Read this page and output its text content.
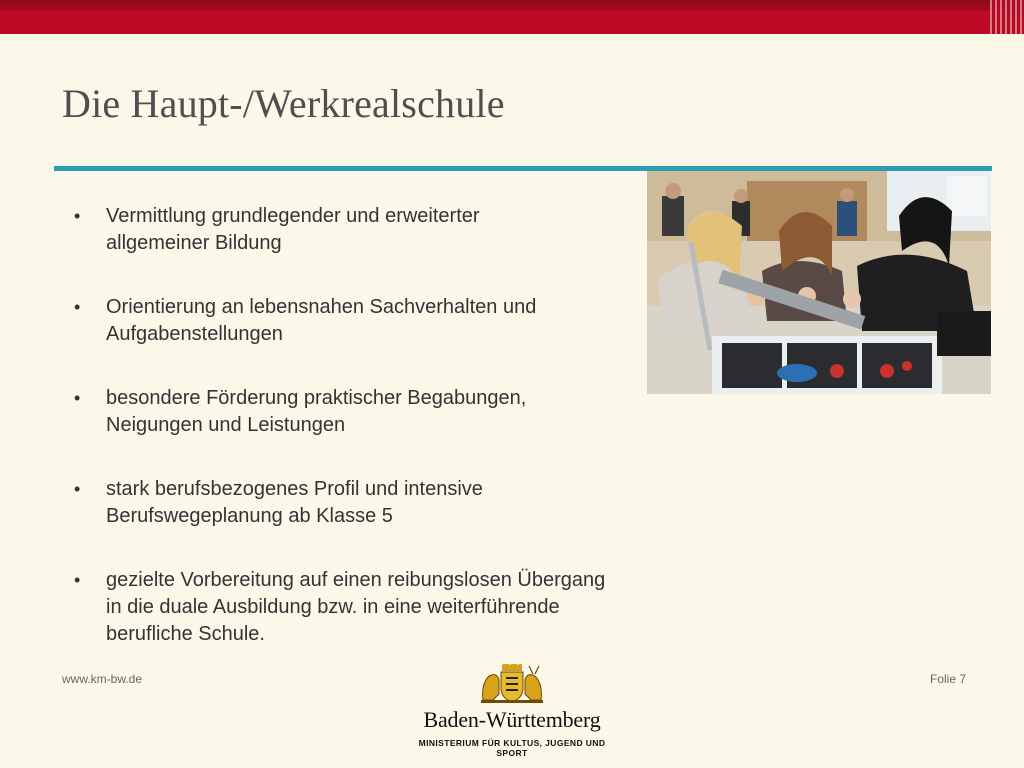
Die Haupt-/Werkrealschule
• Vermittlung grundlegender und erweiterter
allgemeiner Bildung
• Orientierung an lebensnahen Sachverhalten und
Aufgabenstellungen
• besondere Förderung praktischer Begabungen,
Neigungen und Leistungen
• stark berufsbezogenes Profil und intensive
Berufswegeplanung ab Klasse 5
• gezielte Vorbereitung auf einen reibungslosen Übergang
in die duale Ausbildung bzw. in eine weiterführende
berufliche Schule.
www.km-bw.de	Folie 7
Baden-Württemberg
MINISTERIUM FÜR KULTUS, JUGEND UND SPORT
